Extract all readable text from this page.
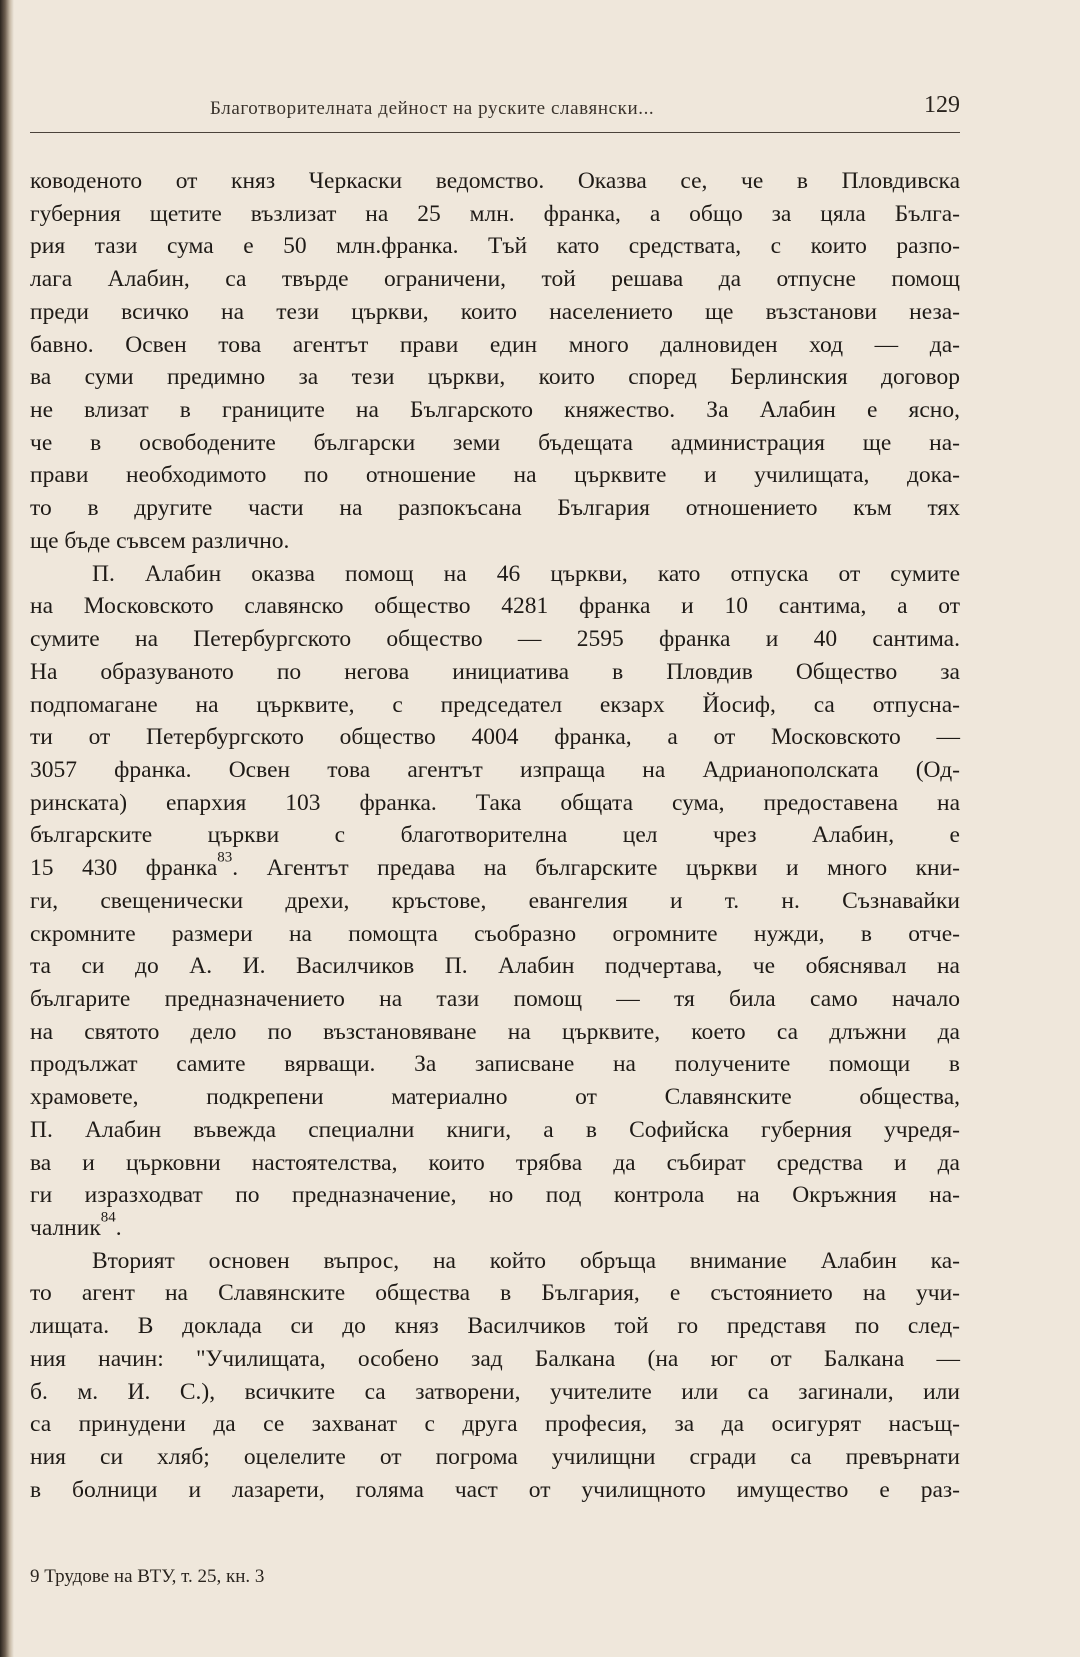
Благотворителната дейност на руските славянски...	129
ководеното от княз Черкаски ведомство. Оказва се, че в Пловдивска
губерния щетите възлизат на 25 млн. франка, а общо за цяла Бълга-
рия тази сума е 50 млн.франка. Тъй като средствата, с които разпо-
лага Алабин, са твърде ограничени, той решава да отпусне помощ
преди всичко на тези църкви, които населението ще възстанови неза-
бавно. Освен това агентът прави един много далновиден ход — да-
ва суми предимно за тези църкви, които според Берлинския договор
не влизат в границите на Българското княжество. За Алабин е ясно,
че в освободените български земи бъдещата администрация ще на-
прави необходимото по отношение на църквите и училищата, дока-
то в другите части на разпокъсана България отношението към тях
ще бъде съвсем различно.
П. Алабин оказва помощ на 46 църкви, като отпуска от сумите
на Московското славянско общество 4281 франка и 10 сантима, а от
сумите на Петербургското общество — 2595 франка и 40 сантима.
На образуваното по негова инициатива в Пловдив Общество за
подпомагане на църквите, с председател екзарх Йосиф, са отпусна-
ти от Петербургското общество 4004 франка, а от Московското —
3057 франка. Освен това агентът изпраща на Адрианополската (Од-
ринската) епархия 103 франка. Така общата сума, предоставена на
българските църкви с благотворителна цел чрез Алабин, е
15 430 франка$^{83}$. Агентът предава на българските църкви и много кни-
ги, свещенически дрехи, кръстове, евангелия и т. н. Съзнавайки
скромните размери на помощта съобразно огромните нужди, в отче-
та си до А. И. Василчиков П. Алабин подчертава, че обяснявал на
българите предназначението на тази помощ — тя била само начало
на святото дело по възстановяване на църквите, което са длъжни да
продължат самите вярващи. За записване на получените помощи в
храмовете, подкрепени материално от Славянските общества,
П. Алабин въвежда специални книги, а в Софийска губерния учредя-
ва и църковни настоятелства, които трябва да събират средства и да
ги изразходват по предназначение, но под контрола на Окръжния на-
чалник$^{84}$.
Вторият основен въпрос, на който обръща внимание Алабин ка-
то агент на Славянските общества в България, е състоянието на учи-
лищата. В доклада си до княз Василчиков той го представя по след-
ния начин: "Училищата, особено зад Балкана (на юг от Балкана —
б. м. И. С.), всичките са затворени, учителите или са загинали, или
са принудени да се захванат с друга професия, за да осигурят насъщ-
ния си хляб; оцелелите от погрома училищни сгради са превърнати
в болници и лазарети, голяма част от училищното имущество е раз-
9 Трудове на ВТУ, т. 25, кн. 3
